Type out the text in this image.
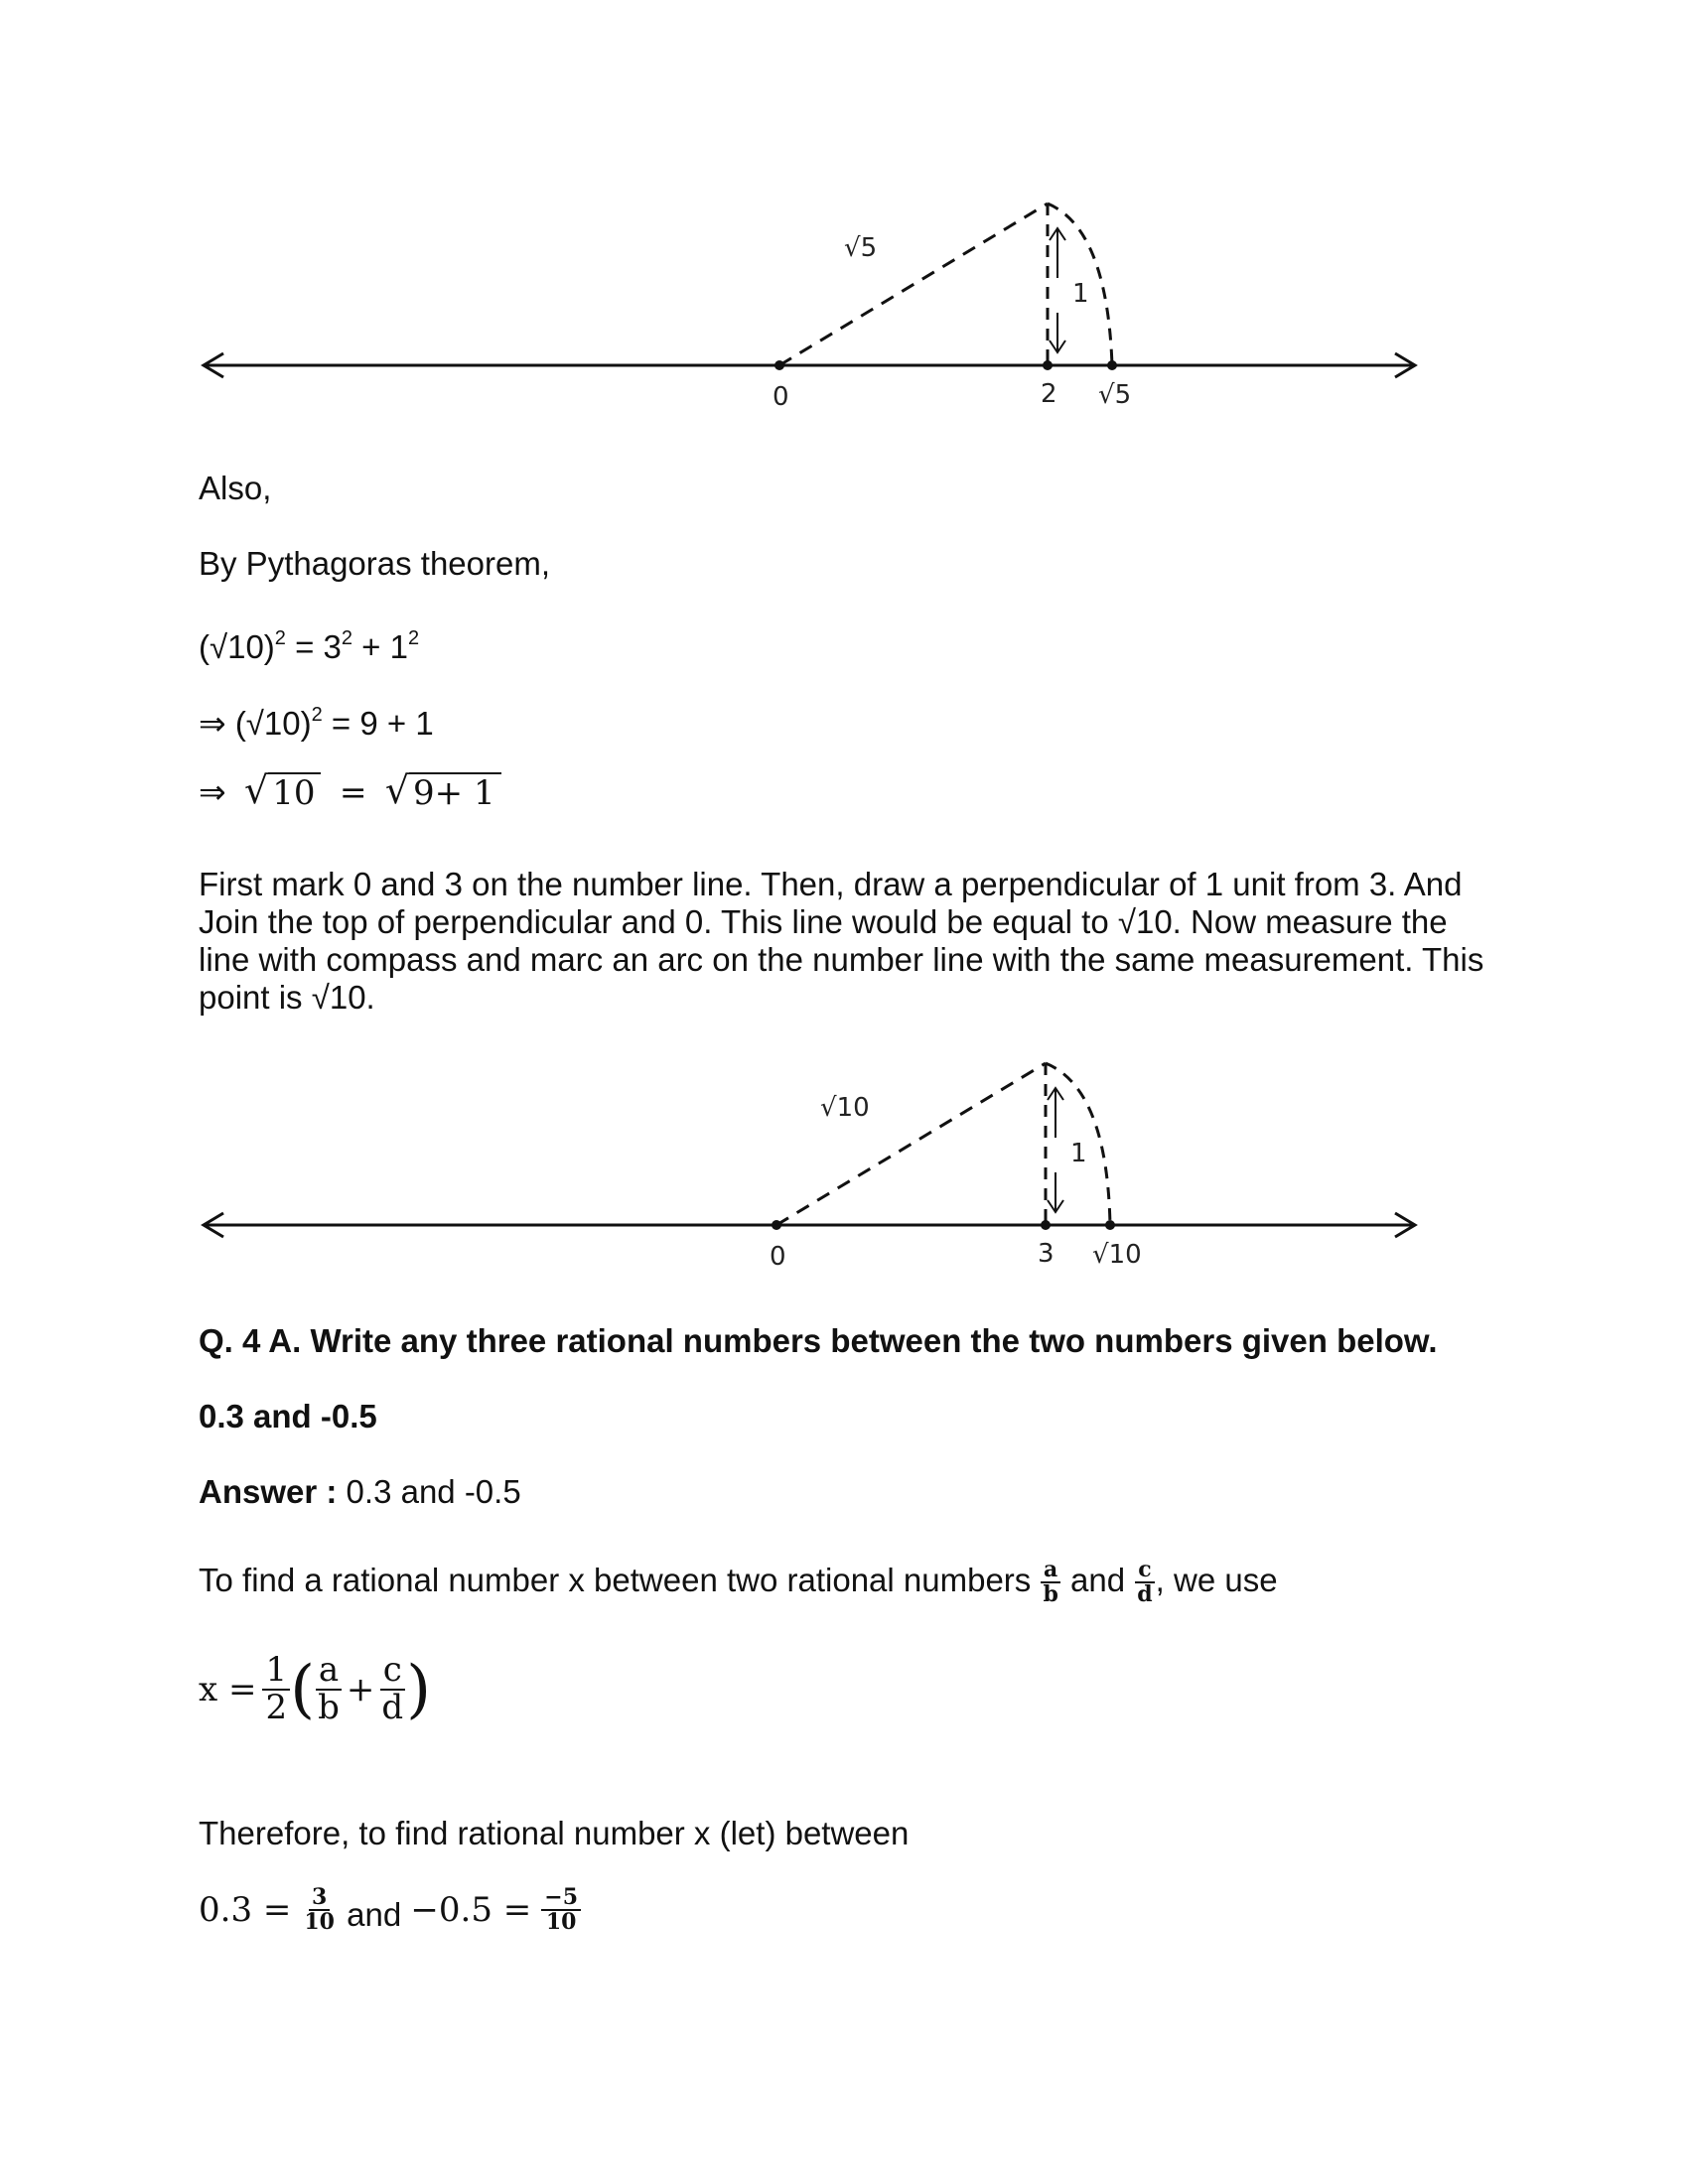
√5
1
0	2 √5

Also,

By Pythagoras theorem,

$(√10)^2 = 3^2 + 1^2$

⇒ $(√10)^2 = 9 + 1$

⇒ √ 10 = √ 9+ 1

First mark 0 and 3 on the number line. Then, draw a perpendicular of 1 unit from 3. And Join the top of perpendicular and 0. This line would be equal to √10. Now measure the line with compass and marc an arc on the number line with the same measurement. This point is √10.

√10
1
0	3 √10

Q. 4 A. Write any three rational numbers between the two numbers given below.

0.3 and -0.5

Answer : 0.3 and -0.5

To find a rational number x between two rational numbers $\frac{a}{b}$ and $\frac{c}{d}$ , we use

$x = \frac{1}{2}$ ( $\frac{a}{b} + \frac{c}{d}$ )

Therefore, to find rational number x (let) between

$0.3 = \frac{3}{10}$ and $-0.5 = \frac{-5}{10}$
